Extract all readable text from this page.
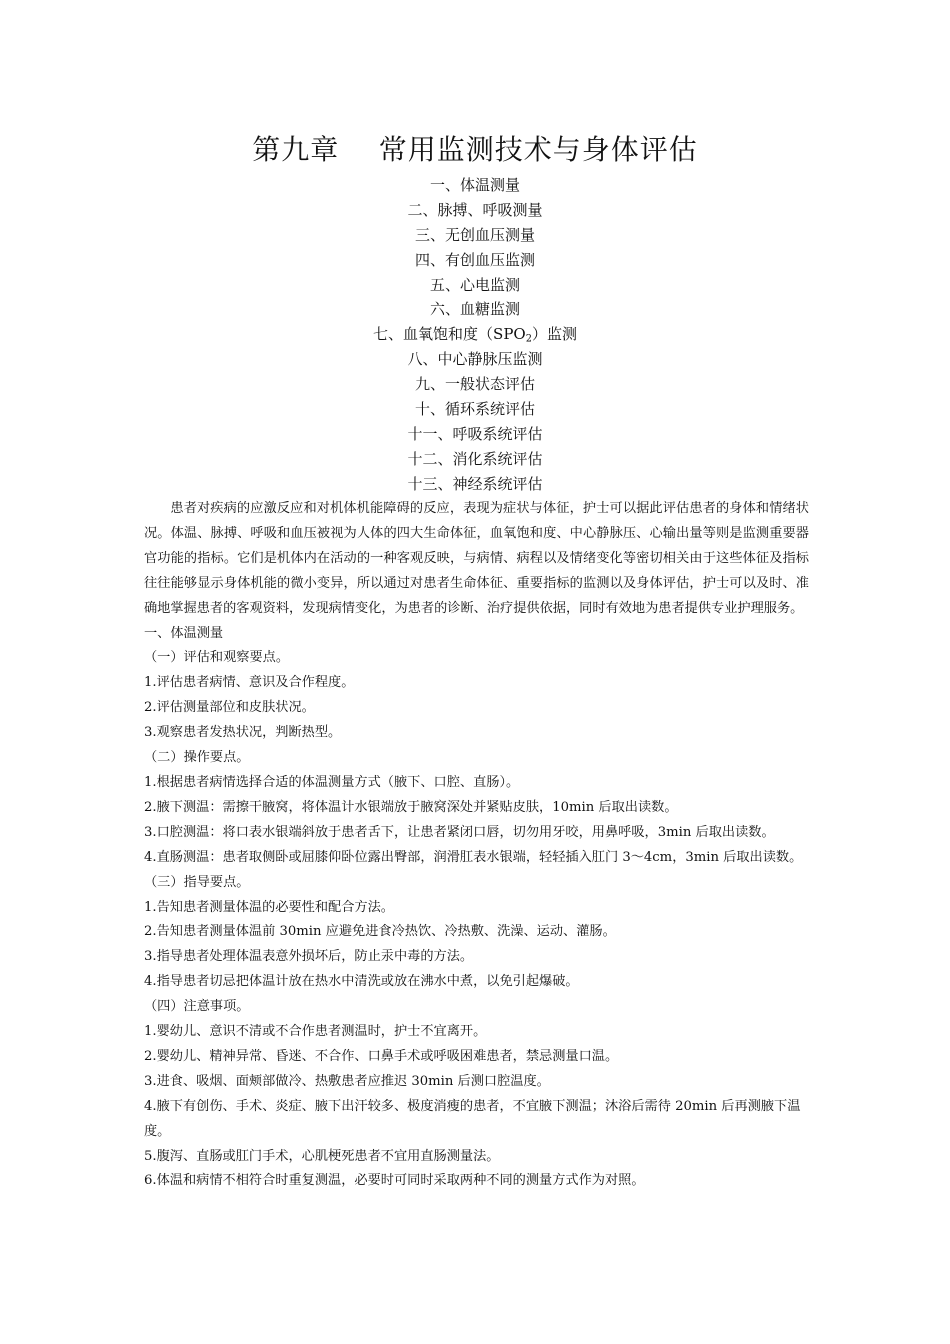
第九章    常用监测技术与身体评估
一、体温测量
二、脉搏、呼吸测量
三、无创血压测量
四、有创血压监测
五、心电监测
六、血糖监测
七、血氧饱和度$(SPO_2)$监测
八、中心静脉压监测
九、一般状态评估
十、循环系统评估
十一、呼吸系统评估
十二、消化系统评估
十三、神经系统评估

患者对疾病的应激反应和对机体机能障碍的反应，表现为症状与体征，护士可以据此评估患者的身体和情绪状况。体温、脉搏、呼吸和血压被视为人体的四大生命体征，血氧饱和度、中心静脉压、心输出量等则是监测重要器官功能的指标。它们是机体内在活动的一种客观反映，与病情、病程以及情绪变化等密切相关由于这些体征及指标往往能够显示身体机能的微小变异，所以通过对患者生命体征、重要指标的监测以及身体评估，护士可以及时、准确地掌握患者的客观资料，发现病情变化，为患者的诊断、治疗提供依据，同时有效地为患者提供专业护理服务。

一、体温测量

（一）评估和观察要点。

1.评估患者病情、意识及合作程度。

2.评估测量部位和皮肤状况。

3.观察患者发热状况，判断热型。

（二）操作要点。

1.根据患者病情选择合适的体温测量方式（腋下、口腔、直肠）。

2.腋下测温：需擦干腋窝，将体温计水银端放于腋窝深处并紧贴皮肤，10min 后取出读数。

3.口腔测温：将口表水银端斜放于患者舌下，让患者紧闭口唇，切勿用牙咬，用鼻呼吸，3min 后取出读数。

4.直肠测温：患者取侧卧或屈膝仰卧位露出臀部，润滑肛表水银端，轻轻插入肛门 3～4cm，3min 后取出读数。

（三）指导要点。

1.告知患者测量体温的必要性和配合方法。

2.告知患者测量体温前 30min 应避免进食冷热饮、冷热敷、洗澡、运动、灌肠。

3.指导患者处理体温表意外损坏后，防止汞中毒的方法。

4.指导患者切忌把体温计放在热水中清洗或放在沸水中煮，以免引起爆破。

（四）注意事项。

1.婴幼儿、意识不清或不合作患者测温时，护士不宜离开。

2.婴幼儿、精神异常、昏迷、不合作、口鼻手术或呼吸困难患者，禁忌测量口温。

3.进食、吸烟、面颊部做冷、热敷患者应推迟 30min 后测口腔温度。

4.腋下有创伤、手术、炎症、腋下出汗较多、极度消瘦的患者，不宜腋下测温；沐浴后需待 20min 后再测腋下温度。

5.腹泻、直肠或肛门手术，心肌梗死患者不宜用直肠测量法。

6.体温和病情不相符合时重复测温，必要时可同时采取两种不同的测量方式作为对照。
